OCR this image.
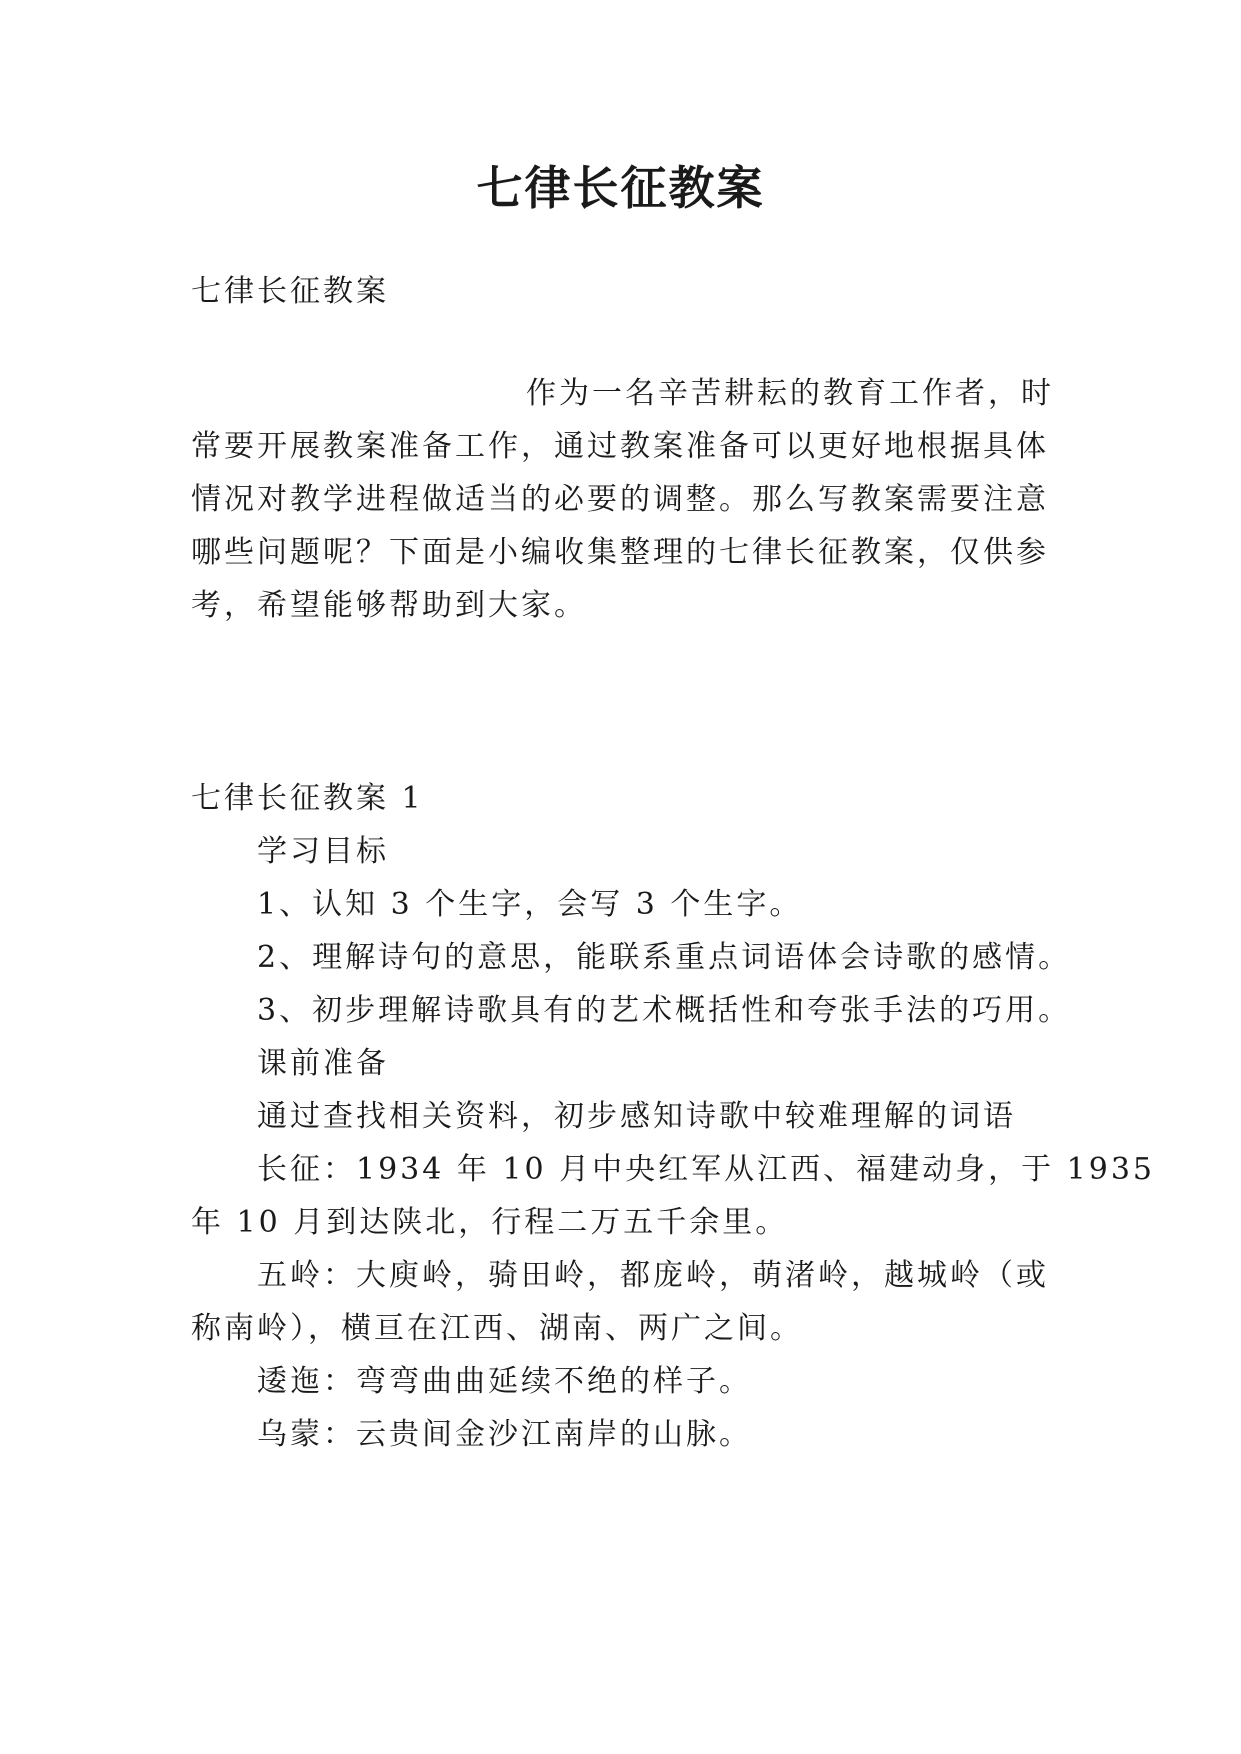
七律长征教案
七律长征教案
作为一名辛苦耕耘的教育工作者，时
常要开展教案准备工作，通过教案准备可以更好地根据具体
情况对教学进程做适当的必要的调整。那么写教案需要注意
哪些问题呢？下面是小编收集整理的七律长征教案，仅供参
考，希望能够帮助到大家。
七律长征教案 1
学习目标
1、认知 3 个生字，会写 3 个生字。
2、理解诗句的意思，能联系重点词语体会诗歌的感情。
3、初步理解诗歌具有的艺术概括性和夸张手法的巧用。
课前准备
通过查找相关资料，初步感知诗歌中较难理解的词语
长征：1934 年 10 月中央红军从江西、福建动身，于 1935
年 10 月到达陕北，行程二万五千余里。
五岭：大庾岭，骑田岭，都庞岭，萌渚岭，越城岭（或
称南岭），横亘在江西、湖南、两广之间。
逶迤：弯弯曲曲延续不绝的样子。
乌蒙：云贵间金沙江南岸的山脉。
